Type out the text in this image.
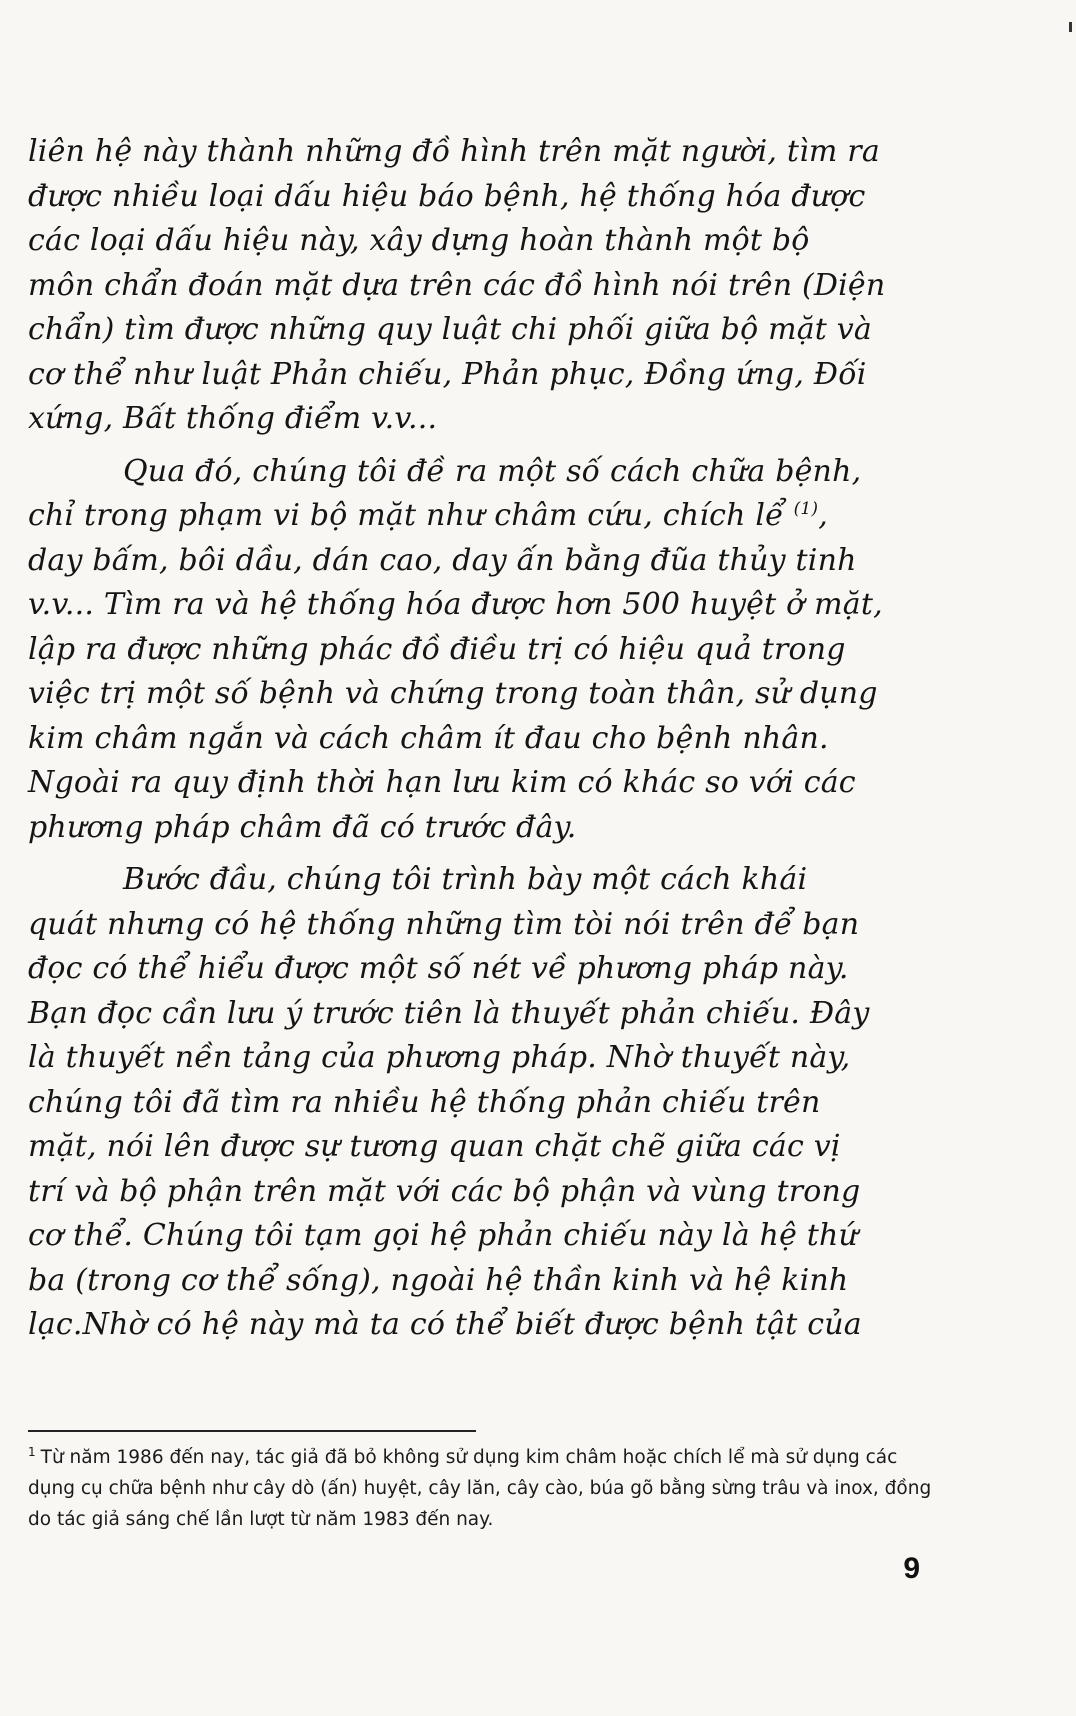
liên hệ này thành những đồ hình trên mặt người, tìm ra
được nhiều loại dấu hiệu báo bệnh, hệ thống hóa được
các loại dấu hiệu này, xây dựng hoàn thành một bộ
môn chẩn đoán mặt dựa trên các đồ hình nói trên (Diện
chẩn) tìm được những quy luật chi phối giữa bộ mặt và
cơ thể như luật Phản chiếu, Phản phục, Đồng ứng, Đối
xứng, Bất thống điểm v.v...

Qua đó, chúng tôi đề ra một số cách chữa bệnh,
chỉ trong phạm vi bộ mặt như châm cứu, chích lể $^{(1)}$,
day bấm, bôi dầu, dán cao, day ấn bằng đũa thủy tinh
v.v... Tìm ra và hệ thống hóa được hơn 500 huyệt ở mặt,
lập ra được những phác đồ điều trị có hiệu quả trong
việc trị một số bệnh và chứng trong toàn thân, sử dụng
kim châm ngắn và cách châm ít đau cho bệnh nhân.
Ngoài ra quy định thời hạn lưu kim có khác so với các
phương pháp châm đã có trước đây.

Bước đầu, chúng tôi trình bày một cách khái
quát nhưng có hệ thống những tìm tòi nói trên để bạn
đọc có thể hiểu được một số nét về phương pháp này.
Bạn đọc cần lưu ý trước tiên là thuyết phản chiếu. Đây
là thuyết nền tảng của phương pháp. Nhờ thuyết này,
chúng tôi đã tìm ra nhiều hệ thống phản chiếu trên
mặt, nói lên được sự tương quan chặt chẽ giữa các vị
trí và bộ phận trên mặt với các bộ phận và vùng trong
cơ thể. Chúng tôi tạm gọi hệ phản chiếu này là hệ thứ
ba (trong cơ thể sống), ngoài hệ thần kinh và hệ kinh
lạc.Nhờ có hệ này mà ta có thể biết được bệnh tật của

$^1$ Từ năm 1986 đến nay, tác giả đã bỏ không sử dụng kim châm hoặc chích lể mà sử dụng các
dụng cụ chữa bệnh như cây dò (ấn) huyệt, cây lăn, cây cào, búa gõ bằng sừng trâu và inox, đồng
do tác giả sáng chế lần lượt từ năm 1983 đến nay.
9
